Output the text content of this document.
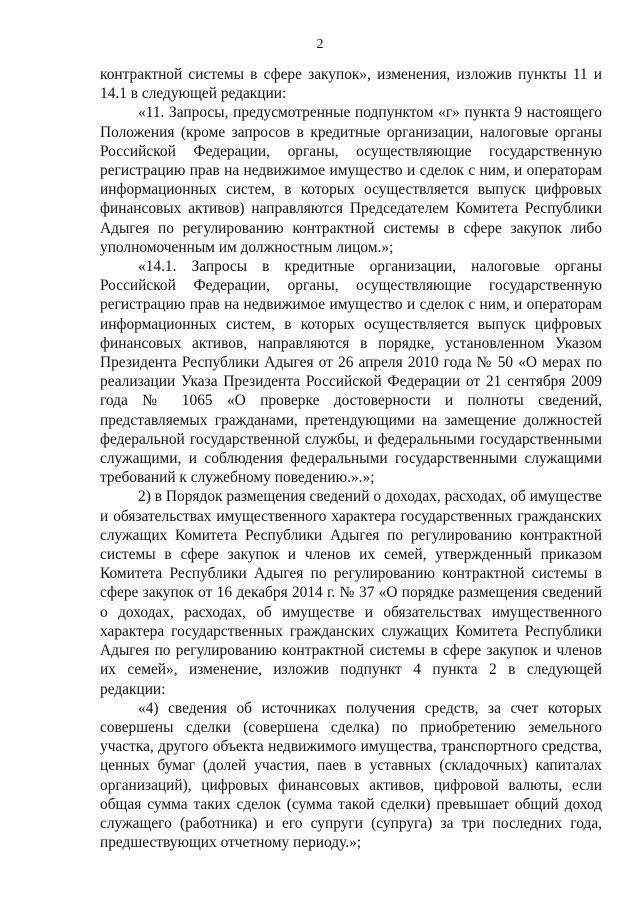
2

контрактной системы в сфере закупок», изменения, изложив пункты 11 и 14.1 в следующей редакции:

«11. Запросы, предусмотренные подпунктом «г» пункта 9 настоящего Положения (кроме запросов в кредитные организации, налоговые органы Российской Федерации, органы, осуществляющие государственную регистрацию прав на недвижимое имущество и сделок с ним, и операторам информационных систем, в которых осуществляется выпуск цифровых финансовых активов) направляются Председателем Комитета Республики Адыгея по регулированию контрактной системы в сфере закупок либо уполномоченным им должностным лицом.»;

«14.1. Запросы в кредитные организации, налоговые органы Российской Федерации, органы, осуществляющие государственную регистрацию прав на недвижимое имущество и сделок с ним, и операторам информационных систем, в которых осуществляется выпуск цифровых финансовых активов, направляются в порядке, установленном Указом Президента Республики Адыгея от 26 апреля 2010 года № 50 «О мерах по реализации Указа Президента Российской Федерации от 21 сентября 2009 года № 1065 «О проверке достоверности и полноты сведений, представляемых гражданами, претендующими на замещение должностей федеральной государственной службы, и федеральными государственными служащими, и соблюдения федеральными государственными служащими требований к служебному поведению.».»;

2) в Порядок размещения сведений о доходах, расходах, об имуществе и обязательствах имущественного характера государственных гражданских служащих Комитета Республики Адыгея по регулированию контрактной системы в сфере закупок и членов их семей, утвержденный приказом Комитета Республики Адыгея по регулированию контрактной системы в сфере закупок от 16 декабря 2014 г. № 37 «О порядке размещения сведений о доходах, расходах, об имуществе и обязательствах имущественного характера государственных гражданских служащих Комитета Республики Адыгея по регулированию контрактной системы в сфере закупок и членов их семей», изменение, изложив подпункт 4 пункта 2 в следующей редакции:

«4) сведения об источниках получения средств, за счет которых совершены сделки (совершена сделка) по приобретению земельного участка, другого объекта недвижимого имущества, транспортного средства, ценных бумаг (долей участия, паев в уставных (складочных) капиталах организаций), цифровых финансовых активов, цифровой валюты, если общая сумма таких сделок (сумма такой сделки) превышает общий доход служащего (работника) и его супруги (супруга) за три последних года, предшествующих отчетному периоду.»;
